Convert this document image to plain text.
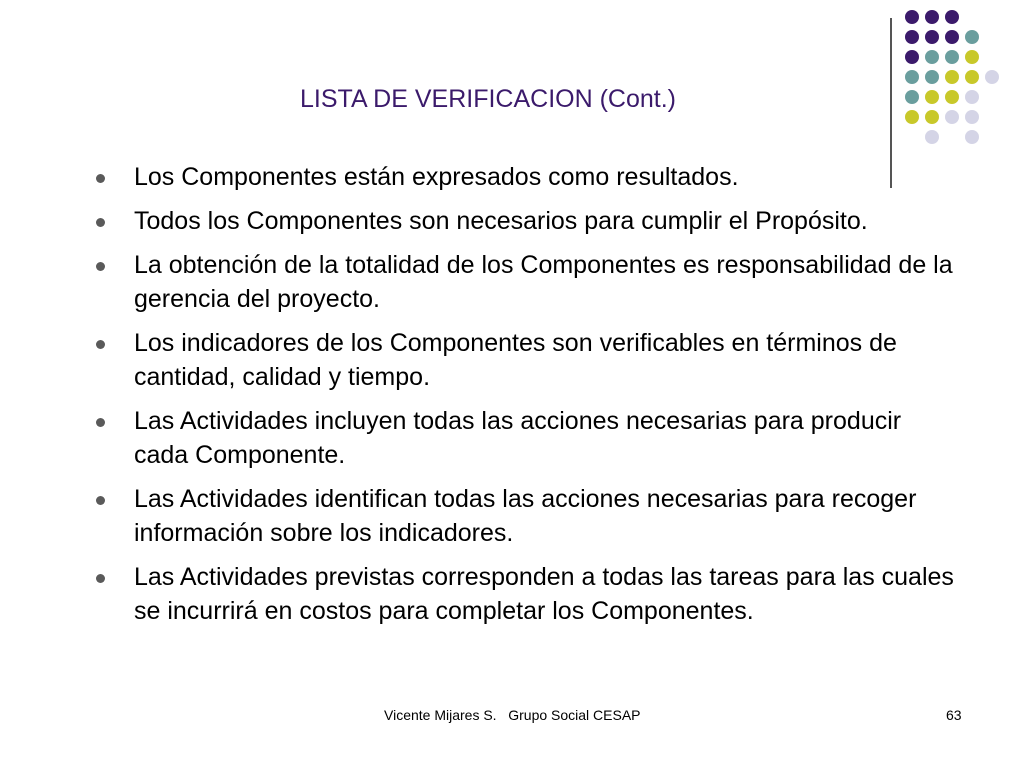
LISTA DE VERIFICACION (Cont.)
Los Componentes están expresados como resultados.
Todos los Componentes son necesarios para cumplir el Propósito.
La obtención de la totalidad de los Componentes es responsabilidad de la gerencia del proyecto.
Los indicadores de los Componentes son verificables en términos de cantidad, calidad y tiempo.
Las Actividades incluyen todas las acciones necesarias para producir cada Componente.
Las Actividades identifican todas las acciones necesarias para recoger información sobre los indicadores.
Las Actividades previstas corresponden a todas las tareas para las cuales se incurrirá en costos para completar los Componentes.
Vicente Mijares S.   Grupo Social CESAP	63
